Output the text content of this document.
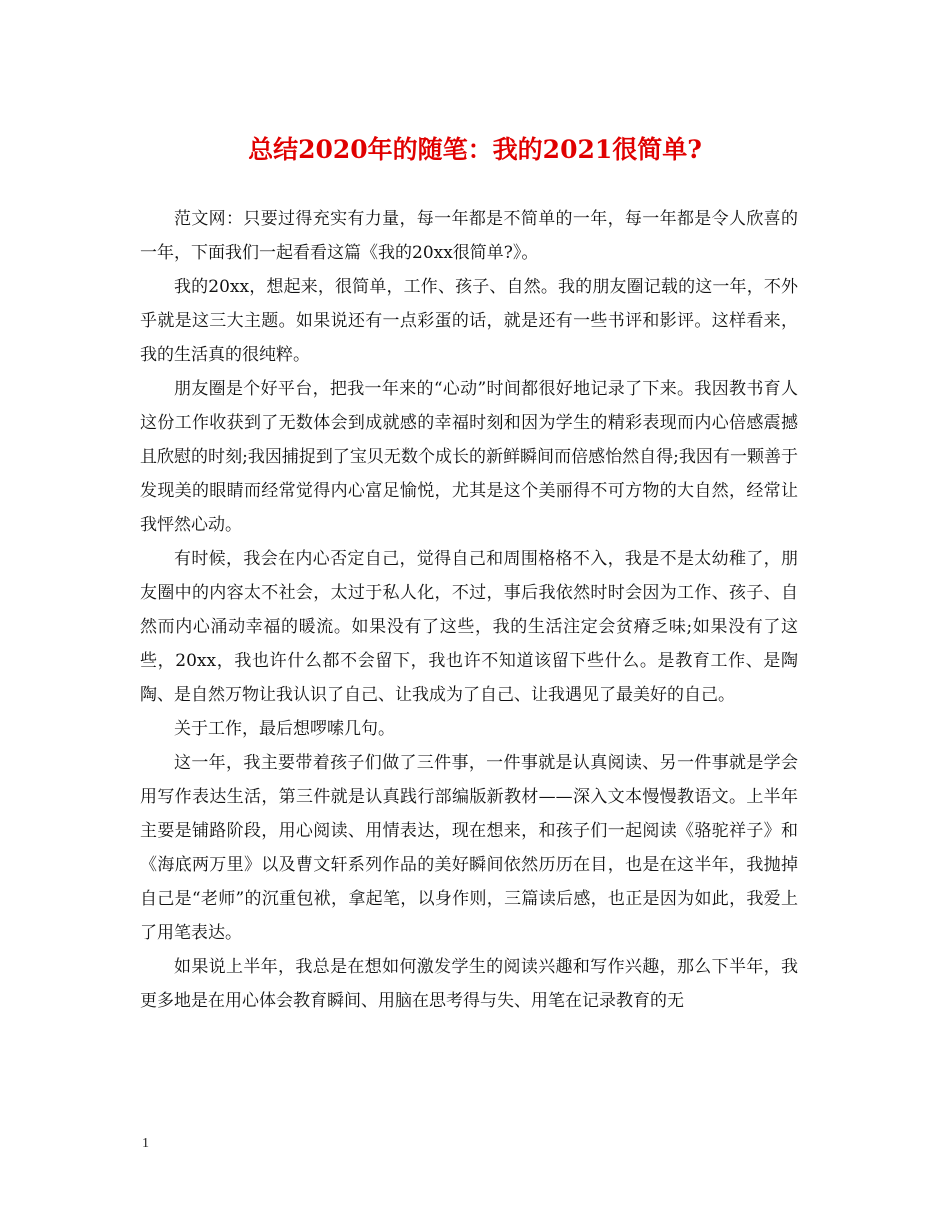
总结2020年的随笔：我的2021很简单?

范文网：只要过得充实有力量，每一年都是不简单的一年，每一年都是令人欣喜的一年，下面我们一起看看这篇《我的20xx很简单?》。

我的20xx，想起来，很简单，工作、孩子、自然。我的朋友圈记载的这一年，不外乎就是这三大主题。如果说还有一点彩蛋的话，就是还有一些书评和影评。这样看来，我的生活真的很纯粹。

朋友圈是个好平台，把我一年来的“心动”时间都很好地记录了下来。我因教书育人这份工作收获到了无数体会到成就感的幸福时刻和因为学生的精彩表现而内心倍感震撼且欣慰的时刻;我因捕捉到了宝贝无数个成长的新鲜瞬间而倍感怡然自得;我因有一颗善于发现美的眼睛而经常觉得内心富足愉悦，尤其是这个美丽得不可方物的大自然，经常让我怦然心动。

有时候，我会在内心否定自己，觉得自己和周围格格不入，我是不是太幼稚了，朋友圈中的内容太不社会，太过于私人化，不过，事后我依然时时会因为工作、孩子、自然而内心涌动幸福的暖流。如果没有了这些，我的生活注定会贫瘠乏味;如果没有了这些，20xx，我也许什么都不会留下，我也许不知道该留下些什么。是教育工作、是陶陶、是自然万物让我认识了自己、让我成为了自己、让我遇见了最美好的自己。

关于工作，最后想啰嗦几句。

这一年，我主要带着孩子们做了三件事，一件事就是认真阅读、另一件事就是学会用写作表达生活，第三件就是认真践行部编版新教材——深入文本慢慢教语文。上半年主要是铺路阶段，用心阅读、用情表达，现在想来，和孩子们一起阅读《骆驼祥子》和《海底两万里》以及曹文轩系列作品的美好瞬间依然历历在目，也是在这半年，我抛掉自己是“老师”的沉重包袱，拿起笔，以身作则，三篇读后感，也正是因为如此，我爱上了用笔表达。

如果说上半年，我总是在想如何激发学生的阅读兴趣和写作兴趣，那么下半年，我更多地是在用心体会教育瞬间、用脑在思考得与失、用笔在记录教育的无

1
